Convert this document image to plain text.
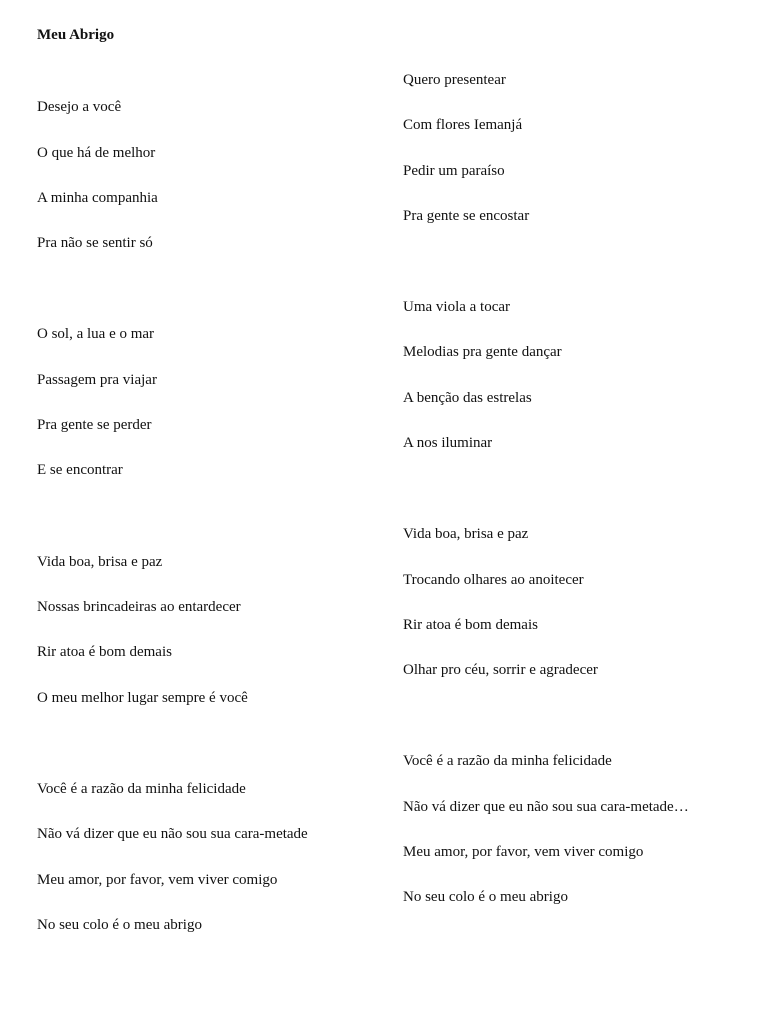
Meu Abrigo
Desejo a você
O que há de melhor
A minha companhia
Pra não se sentir só
O sol, a lua e o mar
Passagem pra viajar
Pra gente se perder
E se encontrar
Vida boa, brisa e paz
Nossas brincadeiras ao entardecer
Rir atoa é bom demais
O meu melhor lugar sempre é você
Você é a razão da minha felicidade
Não vá dizer que eu não sou sua cara-metade
Meu amor, por favor, vem viver comigo
No seu colo é o meu abrigo
Quero presentear
Com flores Iemanjá
Pedir um paraíso
Pra gente se encostar
Uma viola a tocar
Melodias pra gente dançar
A benção das estrelas
A nos iluminar
Vida boa, brisa e paz
Trocando olhares ao anoitecer
Rir atoa é bom demais
Olhar pro céu, sorrir e agradecer
Você é a razão da minha felicidade
Não vá dizer que eu não sou sua cara-metade…
Meu amor, por favor, vem viver comigo
No seu colo é o meu abrigo
